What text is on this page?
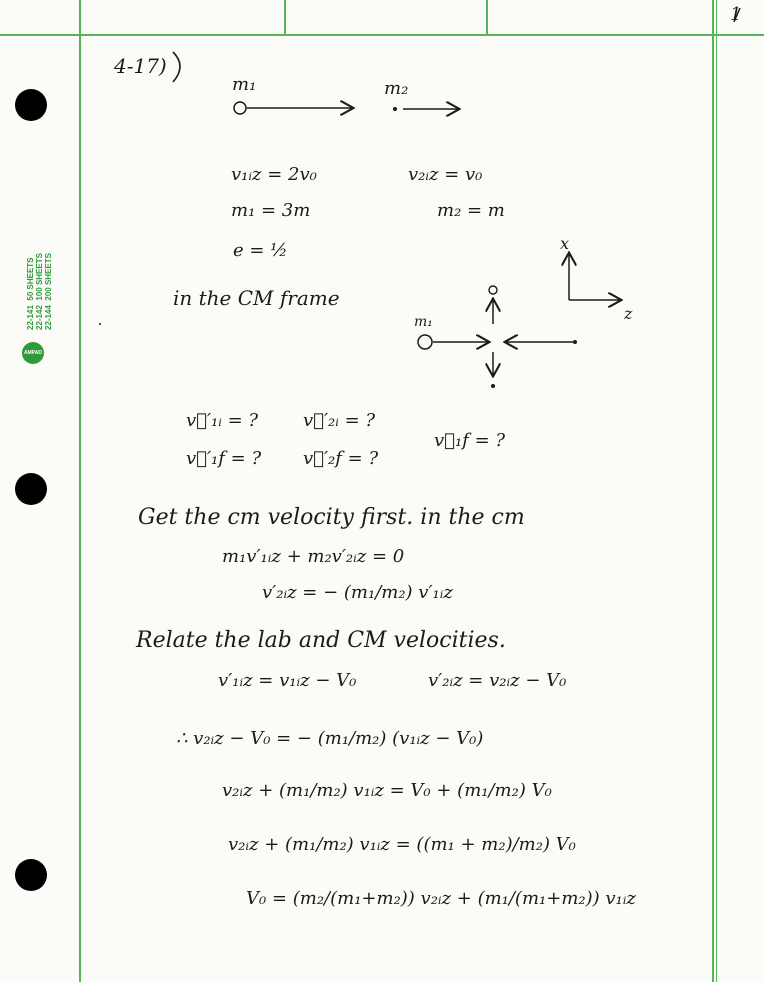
22-141  50 SHEETS
22-142  100 SHEETS
22-144  200 SHEETS
AMPAD
1
4-17)
m₁	m₂
v₁ᵢz = 2v₀	v₂ᵢz = v₀
m₁ = 3m	m₂ = m
e = ½
in the CM frame
x
z
m₁
v⃗′₁ᵢ = ? v⃗′₂ᵢ = ?
v⃗₁f = ?
v⃗′₁f = ? v⃗′₂f = ?
Get the cm velocity first. in the cm
m₁v′₁ᵢz + m₂v′₂ᵢz = 0
v′₂ᵢz = − (m₁/m₂) v′₁ᵢz
Relate the lab and CM velocities.
v′₁ᵢz = v₁ᵢz − V₀	v′₂ᵢz = v₂ᵢz − V₀
∴ v₂ᵢz − V₀ = − (m₁/m₂) (v₁ᵢz − V₀)
v₂ᵢz + (m₁/m₂) v₁ᵢz = V₀ + (m₁/m₂) V₀
v₂ᵢz + (m₁/m₂) v₁ᵢz = ((m₁ + m₂)/m₂) V₀
V₀ = (m₂/(m₁+m₂)) v₂ᵢz + (m₁/(m₁+m₂)) v₁ᵢz
